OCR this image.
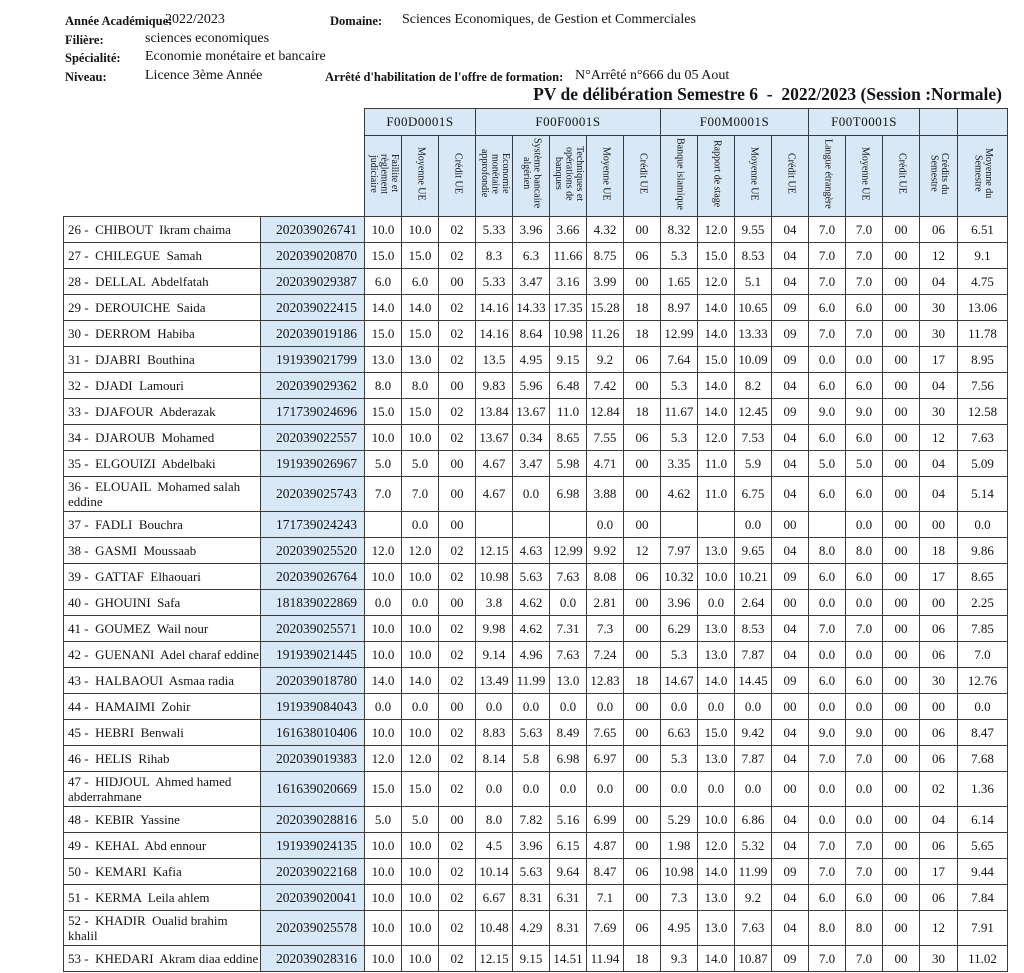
Année Académique:
2022/2023	Domaine: Sciences Economiques, de Gestion et Commerciales
Filière:	sciences economiques
Spécialité: Economie monétaire et bancaire
Niveau:	Licence 3ème Année	Arrêté d'habilitation de l'offre de formation: N°Arrêté n°666 du 05 Aout
PV de délibération Semestre 6  -  2022/2023 (Session :Normale)
		F00D0001S			F00F0001S					F00M0001S				F00T0001S				
		Faillite et règlement judiciaire	Moyenne UE	Crédit UE	Economie monétaire approfondie	Système bancaire algérien	Techniques et opérations de banques	Moyenne UE	Crédit UE	Banque islamique	Rapport de stage	Moyenne UE	Crédit UE	Langue étrangère	Moyenne UE	Crédit UE	Crédits du Semestre	Moyenne du Semestre
26 -  CHIBOUT  Ikram chaima	202039026741	10.0	10.0	02	5.33	3.96	3.66	4.32	00	8.32	12.0	9.55	04	7.0	7.0	00	06	6.51
27 -  CHILEGUE  Samah	202039020870	15.0	15.0	02	8.3	6.3	11.66	8.75	06	5.3	15.0	8.53	04	7.0	7.0	00	12	9.1
28 -  DELLAL  Abdelfatah	202039029387	6.0	6.0	00	5.33	3.47	3.16	3.99	00	1.65	12.0	5.1	04	7.0	7.0	00	04	4.75
29 -  DEROUICHE  Saida	202039022415	14.0	14.0	02	14.16	14.33	17.35	15.28	18	8.97	14.0	10.65	09	6.0	6.0	00	30	13.06
30 -  DERROM  Habiba	202039019186	15.0	15.0	02	14.16	8.64	10.98	11.26	18	12.99	14.0	13.33	09	7.0	7.0	00	30	11.78
31 -  DJABRI  Bouthina	191939021799	13.0	13.0	02	13.5	4.95	9.15	9.2	06	7.64	15.0	10.09	09	0.0	0.0	00	17	8.95
32 -  DJADI  Lamouri	202039029362	8.0	8.0	00	9.83	5.96	6.48	7.42	00	5.3	14.0	8.2	04	6.0	6.0	00	04	7.56
33 -  DJAFOUR  Abderazak	171739024696	15.0	15.0	02	13.84	13.67	11.0	12.84	18	11.67	14.0	12.45	09	9.0	9.0	00	30	12.58
34 -  DJAROUB  Mohamed	202039022557	10.0	10.0	02	13.67	0.34	8.65	7.55	06	5.3	12.0	7.53	04	6.0	6.0	00	12	7.63
35 -  ELGOUIZI  Abdelbaki	191939026967	5.0	5.0	00	4.67	3.47	5.98	4.71	00	3.35	11.0	5.9	04	5.0	5.0	00	04	5.09
36 -  ELOUAIL  Mohamed salah eddine	202039025743	7.0	7.0	00	4.67	0.0	6.98	3.88	00	4.62	11.0	6.75	04	6.0	6.0	00	04	5.14
37 -  FADLI  Bouchra	171739024243		0.0	00				0.0	00			0.0	00		0.0	00	00	0.0
38 -  GASMI  Moussaab	202039025520	12.0	12.0	02	12.15	4.63	12.99	9.92	12	7.97	13.0	9.65	04	8.0	8.0	00	18	9.86
39 -  GATTAF  Elhaouari	202039026764	10.0	10.0	02	10.98	5.63	7.63	8.08	06	10.32	10.0	10.21	09	6.0	6.0	00	17	8.65
40 -  GHOUINI  Safa	181839022869	0.0	0.0	00	3.8	4.62	0.0	2.81	00	3.96	0.0	2.64	00	0.0	0.0	00	00	2.25
41 -  GOUMEZ  Wail nour	202039025571	10.0	10.0	02	9.98	4.62	7.31	7.3	00	6.29	13.0	8.53	04	7.0	7.0	00	06	7.85
42 -  GUENANI  Adel charaf eddine	191939021445	10.0	10.0	02	9.14	4.96	7.63	7.24	00	5.3	13.0	7.87	04	0.0	0.0	00	06	7.0
43 -  HALBAOUI  Asmaa radia	202039018780	14.0	14.0	02	13.49	11.99	13.0	12.83	18	14.67	14.0	14.45	09	6.0	6.0	00	30	12.76
44 -  HAMAIMI  Zohir	191939084043	0.0	0.0	00	0.0	0.0	0.0	0.0	00	0.0	0.0	0.0	00	0.0	0.0	00	00	0.0
45 -  HEBRI  Benwali	161638010406	10.0	10.0	02	8.83	5.63	8.49	7.65	00	6.63	15.0	9.42	04	9.0	9.0	00	06	8.47
46 -  HELIS  Rihab	202039019383	12.0	12.0	02	8.14	5.8	6.98	6.97	00	5.3	13.0	7.87	04	7.0	7.0	00	06	7.68
47 -  HIDJOUL  Ahmed hamed abderrahmane	161639020669	15.0	15.0	02	0.0	0.0	0.0	0.0	00	0.0	0.0	0.0	00	0.0	0.0	00	02	1.36
48 -  KEBIR  Yassine	202039028816	5.0	5.0	00	8.0	7.82	5.16	6.99	00	5.29	10.0	6.86	04	0.0	0.0	00	04	6.14
49 -  KEHAL  Abd ennour	191939024135	10.0	10.0	02	4.5	3.96	6.15	4.87	00	1.98	12.0	5.32	04	7.0	7.0	00	06	5.65
50 -  KEMARI  Kafia	202039022168	10.0	10.0	02	10.14	5.63	9.64	8.47	06	10.98	14.0	11.99	09	7.0	7.0	00	17	9.44
51 -  KERMA  Leila ahlem	202039020041	10.0	10.0	02	6.67	8.31	6.31	7.1	00	7.3	13.0	9.2	04	6.0	6.0	00	06	7.84
52 -  KHADIR  Oualid brahim khalil	202039025578	10.0	10.0	02	10.48	4.29	8.31	7.69	06	4.95	13.0	7.63	04	8.0	8.0	00	12	7.91
53 -  KHEDARI  Akram diaa eddine	202039028316	10.0	10.0	02	12.15	9.15	14.51	11.94	18	9.3	14.0	10.87	09	7.0	7.0	00	30	11.02
